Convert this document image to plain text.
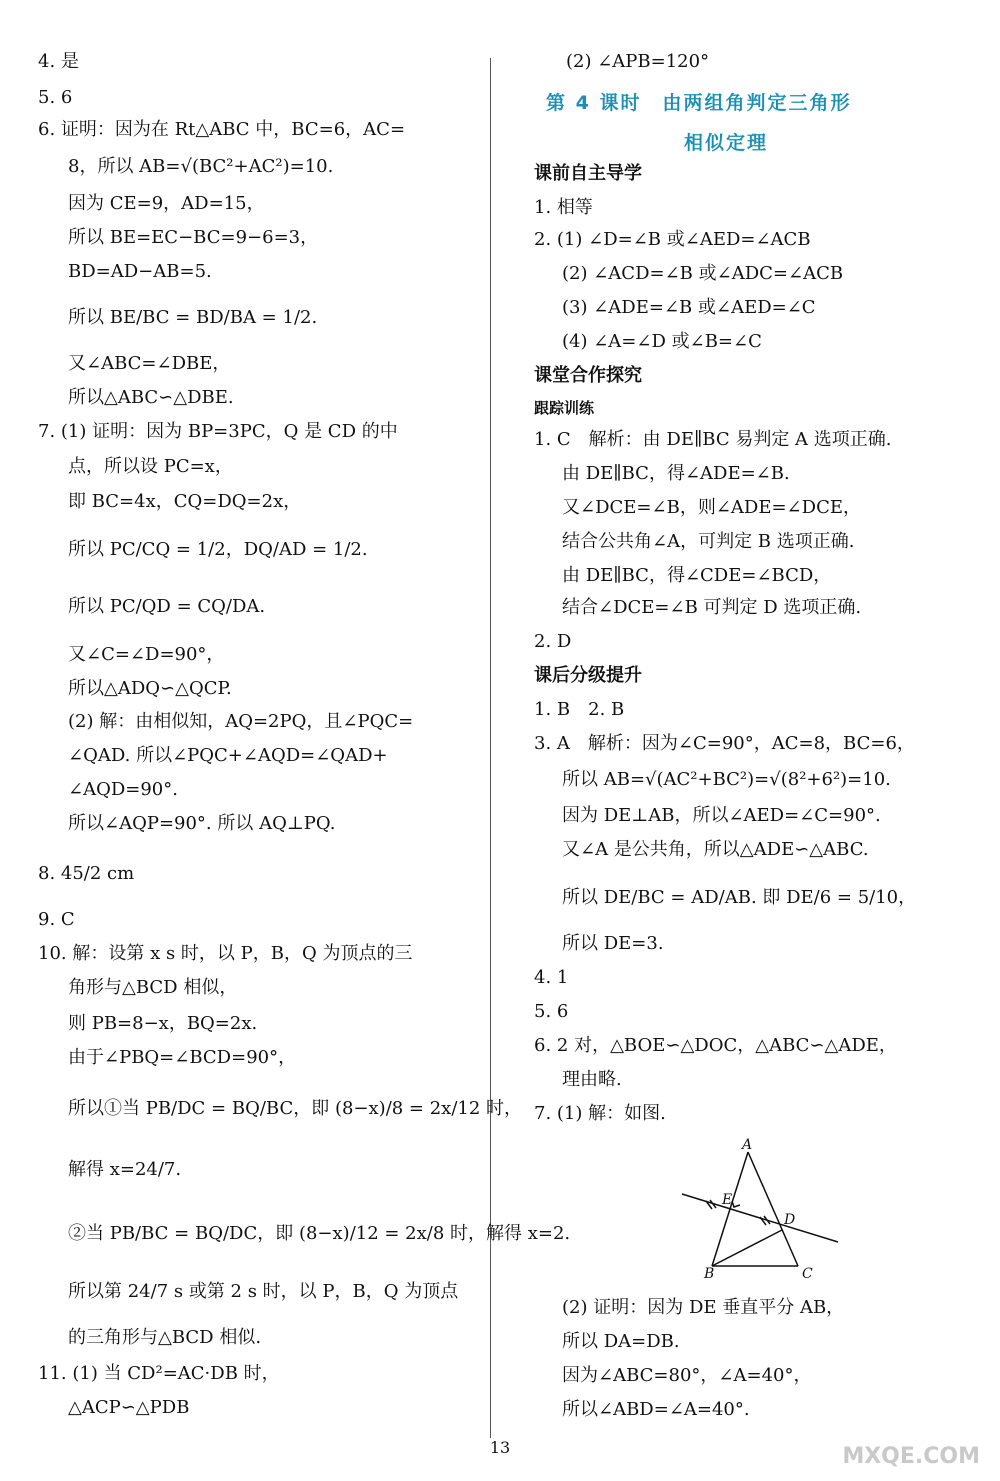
4. 是
5. 6
6. 证明：因为在 Rt△ABC 中，BC=6，AC=
8，所以 AB=√(BC²+AC²)=10.
因为 CE=9，AD=15，
所以 BE=EC−BC=9−6=3，
BD=AD−AB=5.
所以 BE/BC = BD/BA = 1/2.
又∠ABC=∠DBE，
所以△ABC∽△DBE.
7. (1) 证明：因为 BP=3PC，Q 是 CD 的中
点，所以设 PC=x，
即 BC=4x，CQ=DQ=2x，
所以 PC/CQ = 1/2，DQ/AD = 1/2.
所以 PC/QD = CQ/DA.
又∠C=∠D=90°，
所以△ADQ∽△QCP.
(2) 解：由相似知，AQ=2PQ，且∠PQC=
∠QAD. 所以∠PQC+∠AQD=∠QAD+
∠AQD=90°.
所以∠AQP=90°. 所以 AQ⊥PQ.
8. 45/2 cm
9. C
10. 解：设第 x s 时，以 P，B，Q 为顶点的三
角形与△BCD 相似，
则 PB=8−x，BQ=2x.
由于∠PBQ=∠BCD=90°，
所以①当 PB/DC = BQ/BC，即 (8−x)/8 = 2x/12 时，
解得 x=24/7.
②当 PB/BC = BQ/DC，即 (8−x)/12 = 2x/8 时，解得 x=2.
所以第 24/7 s 或第 2 s 时，以 P，B，Q 为顶点
的三角形与△BCD 相似.
11. (1) 当 CD²=AC·DB 时，
△ACP∽△PDB
(2) ∠APB=120°
第 4 课时　由两组角判定三角形
相似定理
课前自主导学
1. 相等
2. (1) ∠D=∠B 或∠AED=∠ACB
(2) ∠ACD=∠B 或∠ADC=∠ACB
(3) ∠ADE=∠B 或∠AED=∠C
(4) ∠A=∠D 或∠B=∠C
课堂合作探究
跟踪训练
1. C　解析：由 DE∥BC 易判定 A 选项正确.
由 DE∥BC，得∠ADE=∠B.
又∠DCE=∠B，则∠ADE=∠DCE，
结合公共角∠A，可判定 B 选项正确.
由 DE∥BC，得∠CDE=∠BCD，
结合∠DCE=∠B 可判定 D 选项正确.
2. D
课后分级提升
1. B　2. B
3. A　解析：因为∠C=90°，AC=8，BC=6，
所以 AB=√(AC²+BC²)=√(8²+6²)=10.
因为 DE⊥AB，所以∠AED=∠C=90°.
又∠A 是公共角，所以△ADE∽△ABC.
所以 DE/BC = AD/AB. 即 DE/6 = 5/10，
所以 DE=3.
4. 1
5. 6
6. 2 对，△BOE∽△DOC，△ABC∽△ADE，
理由略.
7. (1) 解：如图.
A
E
D
B	C
(2) 证明：因为 DE 垂直平分 AB，
所以 DA=DB.
因为∠ABC=80°，∠A=40°，
所以∠ABD=∠A=40°.
13	MXQE.COM
